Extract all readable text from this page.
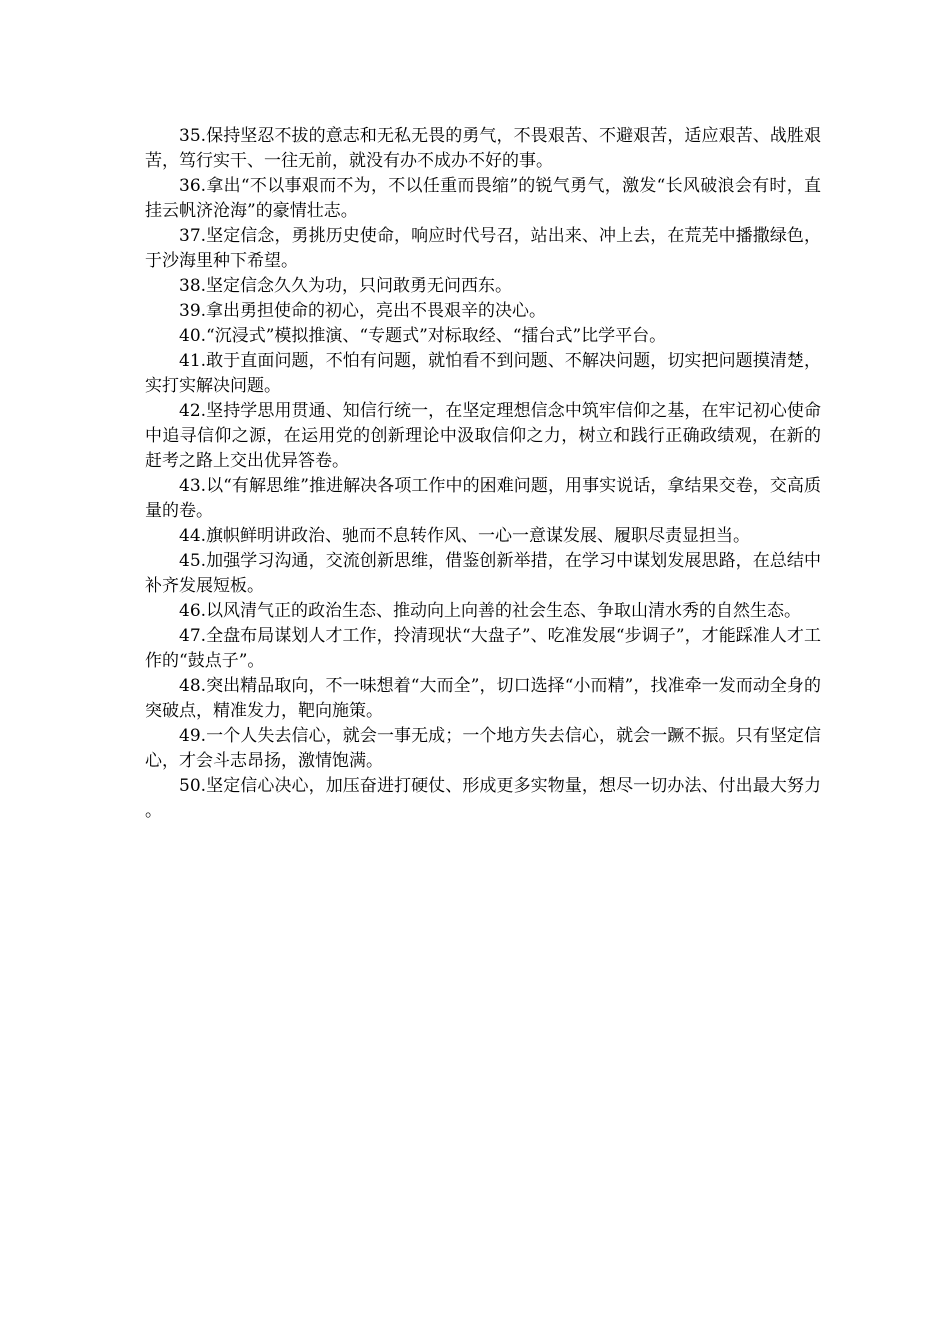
35.保持坚忍不拔的意志和无私无畏的勇气，不畏艰苦、不避艰苦，适应艰苦、战胜艰苦，笃行实干、一往无前，就没有办不成办不好的事。

36.拿出“不以事艰而不为，不以任重而畏缩”的锐气勇气，激发“长风破浪会有时，直挂云帆济沧海”的豪情壮志。

37.坚定信念，勇挑历史使命，响应时代号召，站出来、冲上去，在荒芜中播撒绿色，于沙海里种下希望。

38.坚定信念久久为功，只问敢勇无问西东。

39.拿出勇担使命的初心，亮出不畏艰辛的决心。

40.“沉浸式”模拟推演、“专题式”对标取经、“擂台式”比学平台。

41.敢于直面问题，不怕有问题，就怕看不到问题、不解决问题，切实把问题摸清楚，实打实解决问题。

42.坚持学思用贯通、知信行统一，在坚定理想信念中筑牢信仰之基，在牢记初心使命中追寻信仰之源，在运用党的创新理论中汲取信仰之力，树立和践行正确政绩观，在新的赶考之路上交出优异答卷。

43.以“有解思维”推进解决各项工作中的困难问题，用事实说话，拿结果交卷，交高质量的卷。

44.旗帜鲜明讲政治、驰而不息转作风、一心一意谋发展、履职尽责显担当。

45.加强学习沟通，交流创新思维，借鉴创新举措，在学习中谋划发展思路，在总结中补齐发展短板。

46.以风清气正的政治生态、推动向上向善的社会生态、争取山清水秀的自然生态。

47.全盘布局谋划人才工作，拎清现状“大盘子”、吃准发展“步调子”，才能踩准人才工作的“鼓点子”。

48.突出精品取向，不一味想着“大而全”，切口选择“小而精”，找准牵一发而动全身的突破点，精准发力，靶向施策。

49.一个人失去信心，就会一事无成；一个地方失去信心，就会一蹶不振。只有坚定信心，才会斗志昂扬，激情饱满。

50.坚定信心决心，加压奋进打硬仗、形成更多实物量，想尽一切办法、付出最大努力。
